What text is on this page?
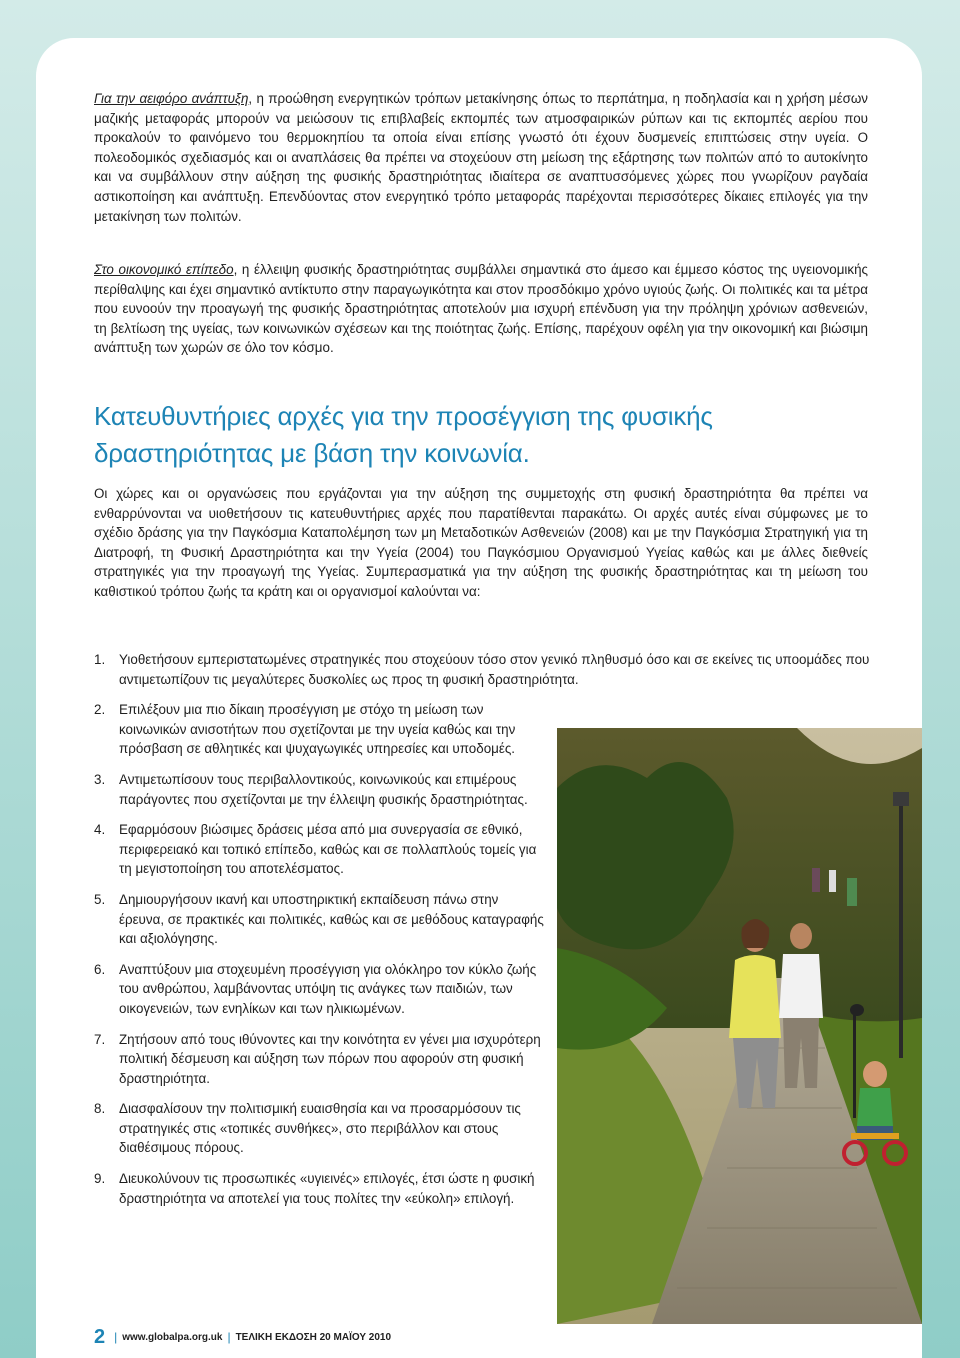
Για την αειφόρο ανάπτυξη, η προώθηση ενεργητικών τρόπων μετακίνησης όπως το περπάτημα, η ποδηλασία και η χρήση μέσων μαζικής μεταφοράς μπορούν να μειώσουν τις επιβλαβείς εκπομπές των ατμοσφαιρικών ρύπων και τις εκπομπές αερίου που προκαλούν το φαινόμενο του θερμοκηπίου τα οποία είναι επίσης γνωστό ότι έχουν δυσμενείς επιπτώσεις στην υγεία. Ο πολεοδομικός σχεδιασμός και οι αναπλάσεις θα πρέπει να στοχεύουν στη μείωση της εξάρτησης των πολιτών από το αυτοκίνητο και να συμβάλλουν στην αύξηση της φυσικής δραστηριότητας ιδιαίτερα σε αναπτυσσόμενες χώρες που γνωρίζουν ραγδαία αστικοποίηση και ανάπτυξη. Επενδύοντας στον ενεργητικό τρόπο μεταφοράς παρέχονται περισσότερες δίκαιες επιλογές για την μετακίνηση των πολιτών.

Στο οικονομικό επίπεδο, η έλλειψη φυσικής δραστηριότητας συμβάλλει σημαντικά στο άμεσο και έμμεσο κόστος της υγειονομικής περίθαλψης και έχει σημαντικό αντίκτυπο στην παραγωγικότητα και στον προσδόκιμο χρόνο υγιούς ζωής. Οι πολιτικές και τα μέτρα που ευνοούν την προαγωγή της φυσικής δραστηριότητας αποτελούν μια ισχυρή επένδυση για την πρόληψη χρόνιων ασθενειών, τη βελτίωση της υγείας, των κοινωνικών σχέσεων και της ποιότητας ζωής. Επίσης, παρέχουν οφέλη για την οικονομική και βιώσιμη ανάπτυξη των χωρών σε όλο τον κόσμο.

Κατευθυντήριες αρχές για την προσέγγιση της φυσικής δραστηριότητας με βάση την κοινωνία.

Οι χώρες και οι οργανώσεις που εργάζονται για την αύξηση της συμμετοχής στη φυσική δραστηριότητα θα πρέπει να ενθαρρύνονται να υιοθετήσουν τις κατευθυντήριες αρχές που παρατίθενται παρακάτω. Οι αρχές αυτές είναι σύμφωνες με το σχέδιο δράσης για την Παγκόσμια Καταπολέμηση των μη Μεταδοτικών Ασθενειών (2008) και με την Παγκόσμια Στρατηγική για τη Διατροφή, τη Φυσική Δραστηριότητα και την Υγεία (2004) του Παγκόσμιου Οργανισμού Υγείας καθώς και με άλλες διεθνείς στρατηγικές για την προαγωγή της Υγείας. Συμπερασματικά για την αύξηση της φυσικής δραστηριότητας και τη μείωση του καθιστικού τρόπου ζωής τα κράτη και οι οργανισμοί καλούνται να:

1. Υιοθετήσουν εμπεριστατωμένες στρατηγικές που στοχεύουν τόσο στον γενικό πληθυσμό όσο και σε εκείνες τις υποομάδες που αντιμετωπίζουν τις μεγαλύτερες δυσκολίες ως προς τη φυσική δραστηριότητα.
2. Επιλέξουν μια πιο δίκαιη προσέγγιση με στόχο τη μείωση των κοινωνικών ανισοτήτων που σχετίζονται με την υγεία καθώς και την πρόσβαση σε αθλητικές και ψυχαγωγικές υπηρεσίες και υποδομές.
3. Αντιμετωπίσουν τους περιβαλλοντικούς, κοινωνικούς και επιμέρους παράγοντες που σχετίζονται με την έλλειψη φυσικής δραστηριότητας.
4. Εφαρμόσουν βιώσιμες δράσεις μέσα από μια συνεργασία σε εθνικό, περιφερειακό και τοπικό επίπεδο, καθώς και σε πολλαπλούς τομείς για τη μεγιστοποίηση του αποτελέσματος.
5. Δημιουργήσουν ικανή και υποστηρικτική εκπαίδευση πάνω στην έρευνα, σε πρακτικές και πολιτικές, καθώς και σε μεθόδους καταγραφής και αξιολόγησης.
6. Αναπτύξουν μια στοχευμένη προσέγγιση για ολόκληρο τον κύκλο ζωής του ανθρώπου, λαμβάνοντας υπόψη τις ανάγκες των παιδιών, των οικογενειών, των ενηλίκων και των ηλικιωμένων.
7. Ζητήσουν από τους ιθύνοντες και την κοινότητα εν γένει μια ισχυρότερη πολιτική δέσμευση και αύξηση των πόρων που αφορούν στη φυσική δραστηριότητα.
8. Διασφαλίσουν την πολιτισμική ευαισθησία και να προσαρμόσουν τις στρατηγικές στις «τοπικές συνθήκες», στο περιβάλλον και στους διαθέσιμους πόρους.
9. Διευκολύνουν τις προσωπικές «υγιεινές» επιλογές, έτσι ώστε η φυσική δραστηριότητα να αποτελεί για τους πολίτες την «εύκολη» επιλογή.
2 | www.globalpa.org.uk | ΤΕΛΙΚΗ ΕΚΔΟΣΗ 20 ΜΑΪΟΥ 2010
